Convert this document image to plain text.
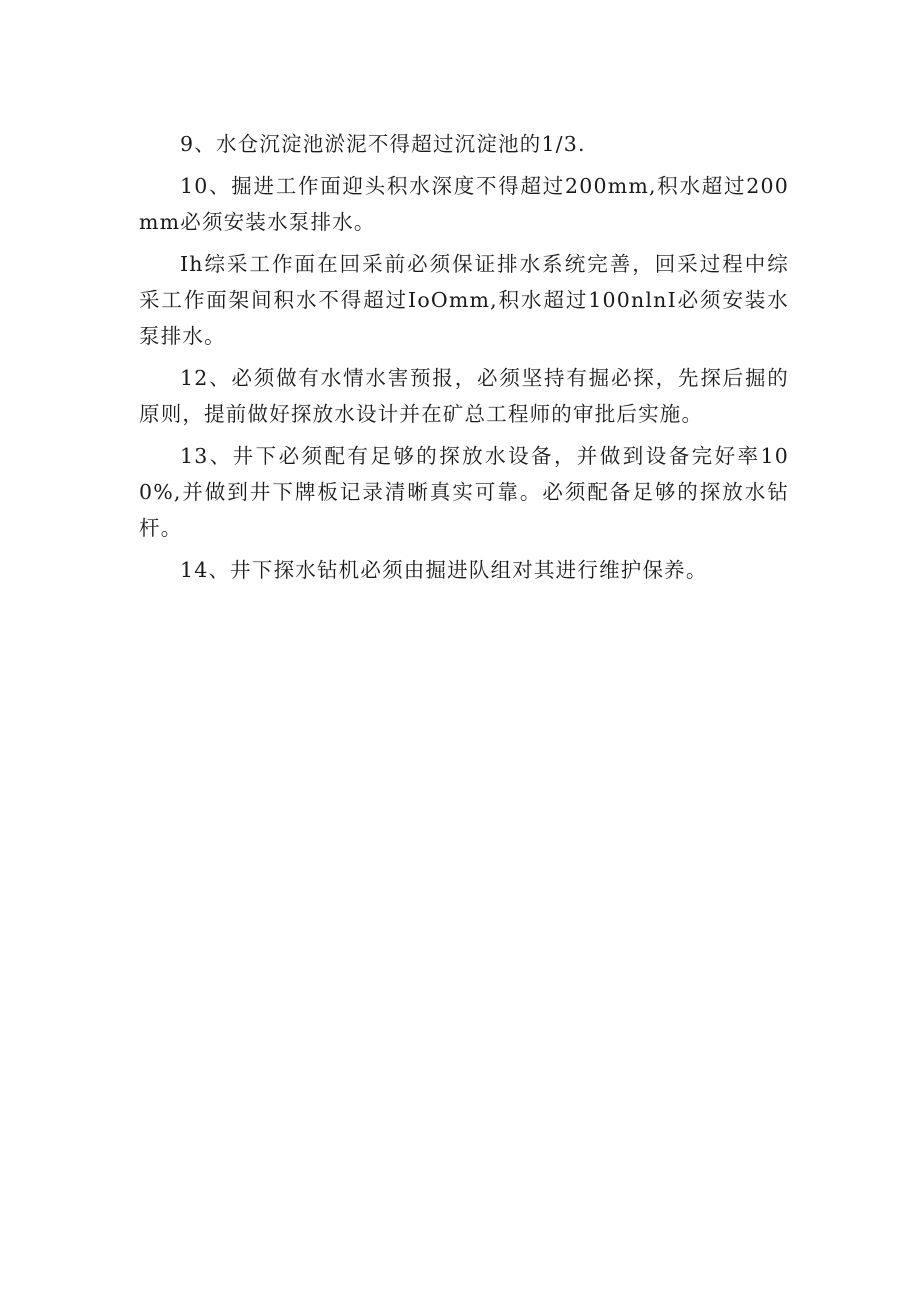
9、水仓沉淀池淤泥不得超过沉淀池的1/3.

10、掘进工作面迎头积水深度不得超过200mm,积水超过200mm必须安装水泵排水。

Ih综采工作面在回采前必须保证排水系统完善，回采过程中综采工作面架间积水不得超过IoOmm,积水超过100nlnI必须安装水泵排水。

12、必须做有水情水害预报，必须坚持有掘必探，先探后掘的原则，提前做好探放水设计并在矿总工程师的审批后实施。

13、井下必须配有足够的探放水设备，并做到设备完好率100%,并做到井下牌板记录清晰真实可靠。必须配备足够的探放水钻杆。

14、井下探水钻机必须由掘进队组对其进行维护保养。
